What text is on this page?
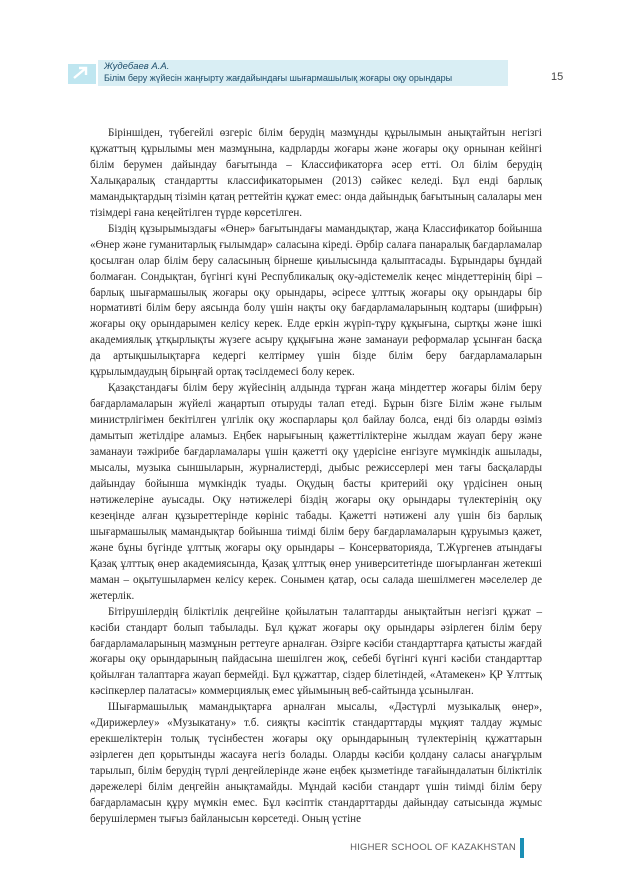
Жудебаев А.А.
Білім беру жүйесін жаңғырту жағдайындағы шығармашылық жоғары оқу орындары	15

Біріншіден, түбегейлі өзгеріс білім берудің мазмұнды құрылымын анықтайтын негізгі құжаттың құрылымы мен мазмұнына, кадрларды жоғары және жоғары оқу орнынан кейінгі білім берумен дайындау бағытында – Классификаторға әсер етті. Ол білім берудің Халықаралық стандартты классификаторымен (2013) сәйкес келеді. Бұл енді барлық мамандықтардың тізімін қатаң реттейтін құжат емес: онда дайындық бағытының салалары мен тізімдері ғана кеңейтілген түрде көрсетілген.

Біздің құзырымыздағы «Өнер» бағытындағы мамандықтар, жаңа Классификатор бойынша «Өнер және гуманитарлық ғылымдар» саласына кіреді. Әрбір салаға панаралық бағдарламалар қосылған олар білім беру саласының бірнеше қиылысында қалыптасады. Бұрындары бұндай болмаған. Сондықтан, бүгінгі күні Республикалық оқу-әдістемелік кеңес міндеттерінің бірі – барлық шығармашылық жоғары оқу орындары, әсіресе ұлттық жоғары оқу орындары бір нормативті білім беру аясында болу үшін нақты оқу бағдарламаларының кодтары (шифрын) жоғары оқу орындарымен келісу керек. Елде еркін жүріп-тұру құқығына, сыртқы және ішкі академиялық ұтқырлықты жүзеге асыру құқығына және заманауи реформалар ұсынған басқа да артықшылықтарға кедергі келтірмеу үшін бізде білім беру бағдарламаларын құрылымдаудың бірыңғай ортақ тәсілдемесі болу керек.

Қазақстандағы білім беру жүйесінің алдында тұрған жаңа міндеттер жоғары білім беру бағдарламаларын жүйелі жаңартып отыруды талап етеді. Бұрын бізге Білім және ғылым министрлігімен бекітілген үлгілік оқу жоспарлары қол байлау болса, енді біз оларды өзіміз дамытып жетілдіре аламыз. Еңбек нарығының қажеттіліктеріне жылдам жауап беру және заманауи тәжірибе бағдарламалары үшін қажетті оқу үдерісіне енгізуге мүмкіндік ашылады, мысалы, музыка сыншыларын, журналистерді, дыбыс режиссерлері мен тағы басқаларды дайындау бойынша мүмкіндік туады. Оқудың басты критерийі оқу үрдісінен оның нәтижелеріне ауысады. Оқу нәтижелері біздің жоғары оқу орындары түлектерінің оқу кезеңінде алған құзыреттерінде көрініс табады. Қажетті нәтижені алу үшін біз барлық шығармашылық мамандықтар бойынша тиімді білім беру бағдарламаларын құруымыз қажет, және бұны бүгінде ұлттық жоғары оқу орындары – Консерваторияда, Т.Жүргенев атындағы Қазақ ұлттық өнер академиясында, Қазақ ұлттық өнер университетінде шоғырланған жетекші маман – оқытушылармен келісу керек. Сонымен қатар, осы салада шешілмеген мәселелер де жетерлік.

Бітірушілердің біліктілік деңгейіне қойылатын талаптарды анықтайтын негізгі құжат – кәсіби стандарт болып табылады. Бұл құжат жоғары оқу орындары әзірлеген білім беру бағдарламаларының мазмұнын реттеуге арналған. Әзірге кәсіби стандарттарға қатысты жағдай жоғары оқу орындарының пайдасына шешілген жоқ, себебі бүгінгі күнгі кәсіби стандарттар қойылған талаптарға жауап бермейді. Бұл құжаттар, сіздер білетіндей, «Атамекен» ҚР Ұлттық кәсіпкерлер палатасы» коммерциялық емес ұйымының веб-сайтында ұсынылған.

Шығармашылық мамандықтарға арналған мысалы, «Дәстүрлі музыкалық өнер», «Дирижерлеу» «Музыкатану» т.б. сияқты кәсіптік стандарттарды мұқият талдау жұмыс ерекшеліктерін толық түсінбестен жоғары оқу орындарының түлектерінің құжаттарын әзірлеген деп қорытынды жасауға негіз болады. Оларды кәсіби қолдану саласы анағұрлым тарылып, білім берудің түрлі деңгейлерінде және еңбек қызметінде тағайындалатын біліктілік дәрежелері білім деңгейін анықтамайды. Мұндай кәсіби стандарт үшін тиімді білім беру бағдарламасын құру мүмкін емес. Бұл кәсіптік стандарттарды дайындау сатысында жұмыс берушілермен тығыз байланысын көрсетеді. Оның үстіне

HIGHER SCHOOL OF KAZAKHSTAN
